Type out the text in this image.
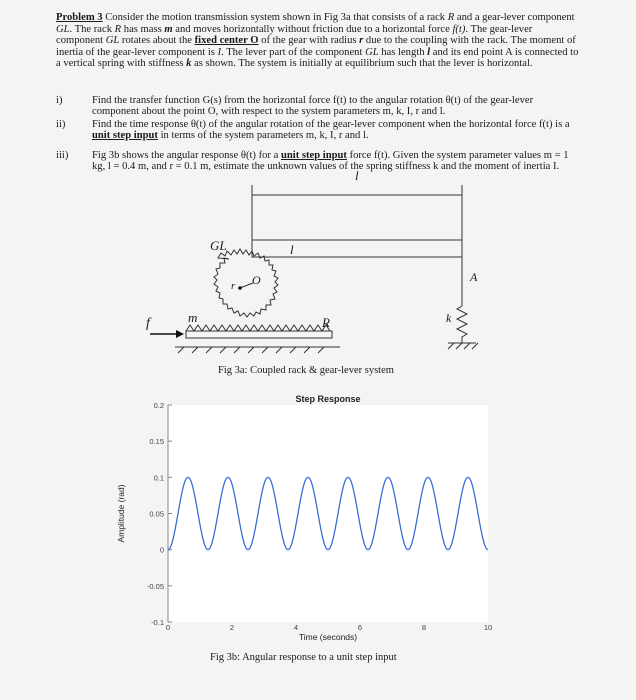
Problem 3 Consider the motion transmission system shown in Fig 3a that consists of a rack R and a gear-lever component GL. The rack R has mass m and moves horizontally without friction due to a horizontal force f(t). The gear-lever component GL rotates about the fixed center O of the gear with radius r due to the coupling with the rack. The moment of inertia of the gear-lever component is I. The lever part of the component GL has length l and its end point A is connected to a vertical spring with stiffness k as shown. The system is initially at equilibrium such that the lever is horizontal.
i)	Find the transfer function G(s) from the horizontal force f(t) to the angular rotation θ(t) of the gear-lever component about the point O, with respect to the system parameters m, k, I, r and l.
ii)	Find the time response θ(t) of the angular rotation of the gear-lever component when the horizontal force f(t) is a unit step input in terms of the system parameters m, k, I, r and l.
iii) Fig 3b shows the angular response θ(t) for a unit step input force f(t). Given the system parameter values m = 1 kg, l = 0.4 m, and r = 0.1 m, estimate the unknown values of the spring stiffness k and the moment of inertia I.
l
GL	l
r O	A
k
f	m	R
Fig 3a: Coupled rack & gear-lever system
-0.1
-0.05
0
0.05
0.1
0.15
0.2
0	2	4	6	8	10
Step Response
Time (seconds)
Amplitude (rad)
Fig 3b: Angular response to a unit step input
